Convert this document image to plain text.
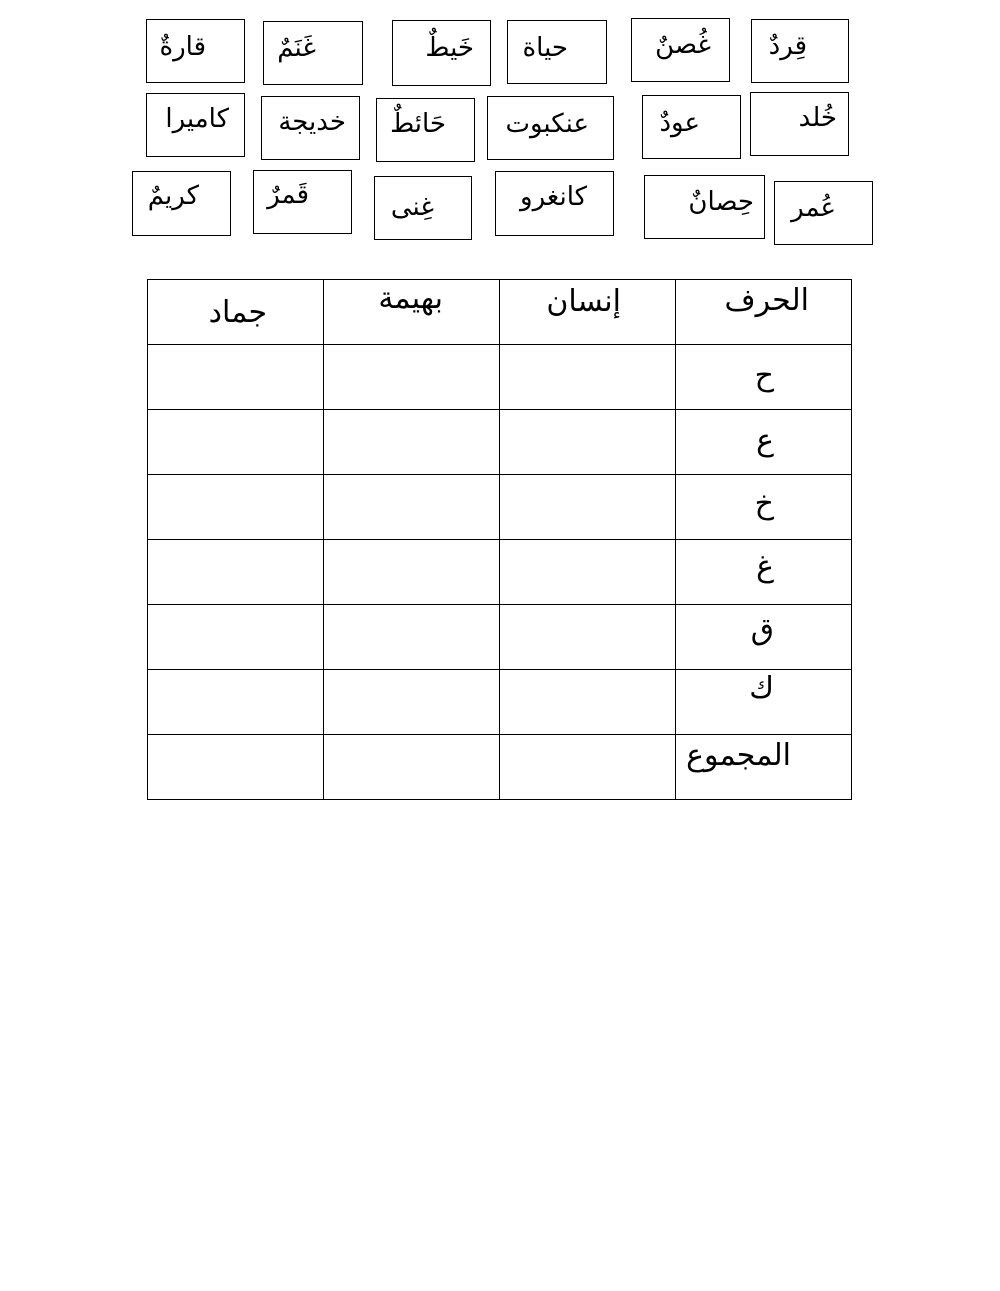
قارةٌ	غَنَمٌ	خَيطٌ حياة	غُصنٌ قِردٌ
كاميرا خديجة حَائطٌ عنكبوت	عودٌ	خُلد
كريمٌ	قَمرٌ	غِنى	كانغرو	حِصانٌ عُمر
جماد	بهيمة	إنسان	الحرف

			ح

			ع

			خ

			غ

			ق

			ك

			المجموع
